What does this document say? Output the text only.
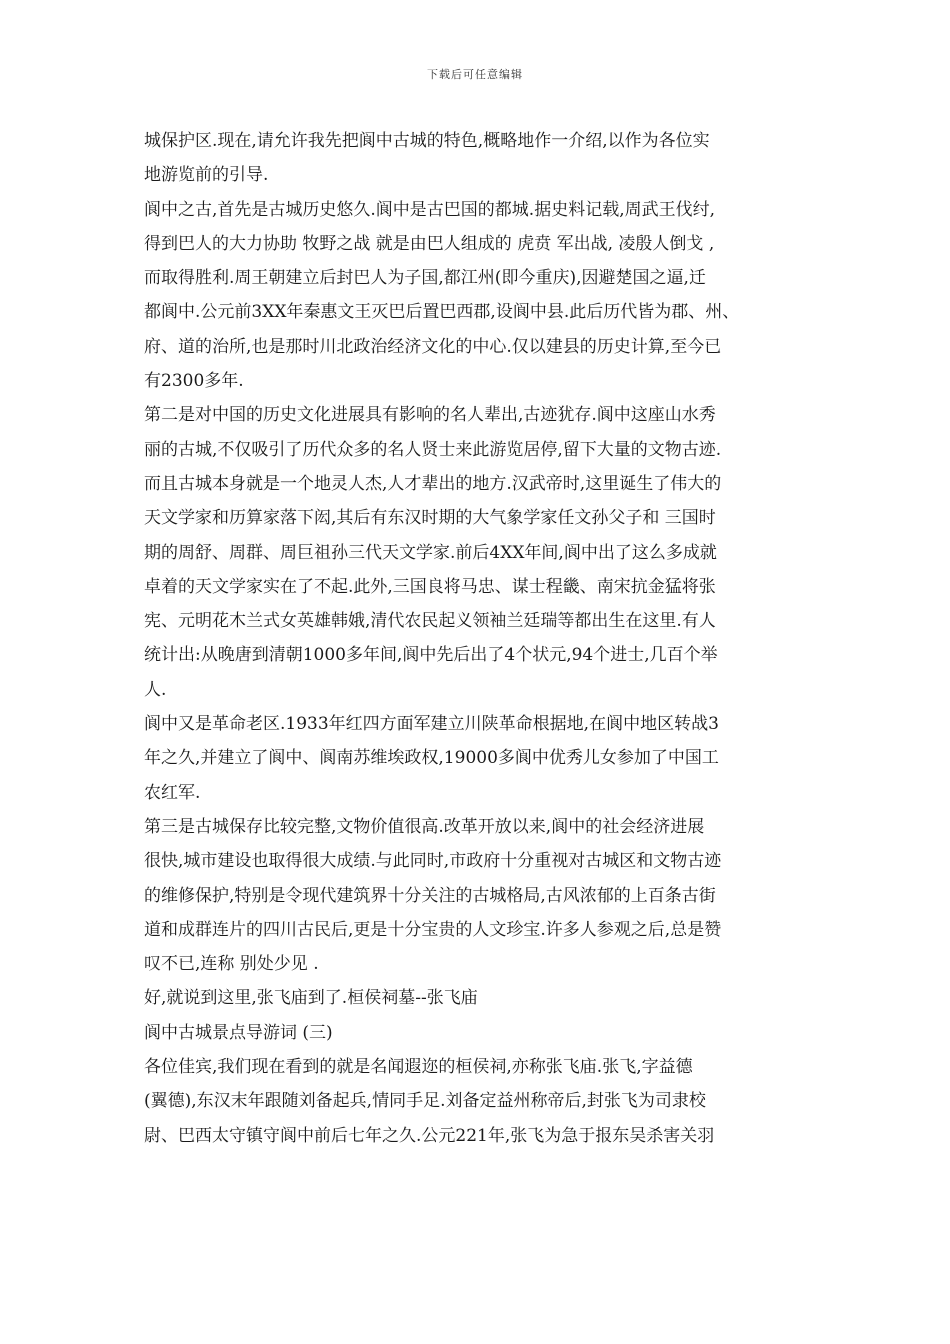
下载后可任意编辑
城保护区.现在,请允许我先把阆中古城的特色,概略地作一介绍,以作为各位实
地游览前的引导.
阆中之古,首先是古城历史悠久.阆中是古巴国的都城.据史料记载,周武王伐纣,
得到巴人的大力协助 牧野之战 就是由巴人组成的 虎贲 军出战, 凌殷人倒戈 ,
而取得胜利.周王朝建立后封巴人为子国,都江州(即今重庆),因避楚国之逼,迁
都阆中.公元前3XX年秦惠文王灭巴后置巴西郡,设阆中县.此后历代皆为郡、州、
府、道的治所,也是那时川北政治经济文化的中心.仅以建县的历史计算,至今已
有2300多年.
第二是对中国的历史文化进展具有影响的名人辈出,古迹犹存.阆中这座山水秀
丽的古城,不仅吸引了历代众多的名人贤士来此游览居停,留下大量的文物古迹.
而且古城本身就是一个地灵人杰,人才辈出的地方.汉武帝时,这里诞生了伟大的
天文学家和历算家落下闳,其后有东汉时期的大气象学家任文孙父子和 三国时
期的周舒、周群、周巨祖孙三代天文学家.前后4XX年间,阆中出了这么多成就
卓着的天文学家实在了不起.此外,三国良将马忠、谋士程畿、南宋抗金猛将张
宪、元明花木兰式女英雄韩娥,清代农民起义领袖兰廷瑞等都出生在这里.有人
统计出:从晚唐到清朝1000多年间,阆中先后出了4个状元,94个进士,几百个举
人.
阆中又是革命老区.1933年红四方面军建立川陕革命根据地,在阆中地区转战3
年之久,并建立了阆中、阆南苏维埃政权,19000多阆中优秀儿女参加了中国工
农红军.
第三是古城保存比较完整,文物价值很高.改革开放以来,阆中的社会经济进展
很快,城市建设也取得很大成绩.与此同时,市政府十分重视对古城区和文物古迹
的维修保护,特别是令现代建筑界十分关注的古城格局,古风浓郁的上百条古街
道和成群连片的四川古民后,更是十分宝贵的人文珍宝.许多人参观之后,总是赞
叹不已,连称 别处少见 .
好,就说到这里,张飞庙到了.桓侯祠墓--张飞庙
阆中古城景点导游词 (三)
各位佳宾,我们现在看到的就是名闻遐迩的桓侯祠,亦称张飞庙.张飞,字益德
(翼德),东汉末年跟随刘备起兵,情同手足.刘备定益州称帝后,封张飞为司隶校
尉、巴西太守镇守阆中前后七年之久.公元221年,张飞为急于报东吴杀害关羽
